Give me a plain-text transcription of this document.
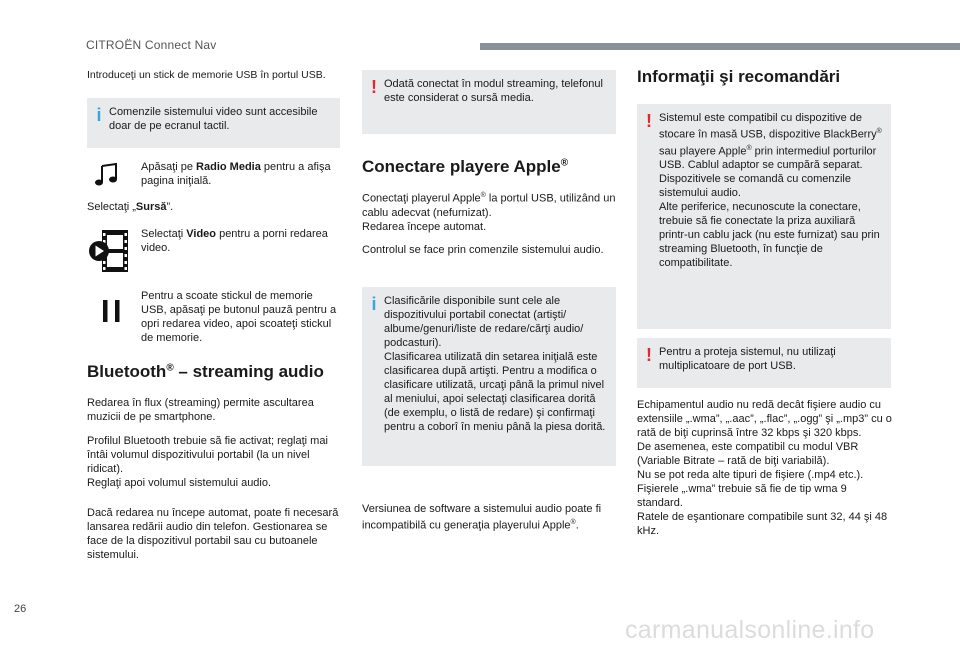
CITROËN Connect Nav
Introduceţi un stick de memorie USB în portul USB.
i Comenzile sistemului video sunt accesibile doar de pe ecranul tactil.
Apăsaţi pe Radio Media pentru a afişa pagina iniţială.
Selectaţi „Sursă”.
Selectaţi Video pentru a porni redarea video.
Pentru a scoate stickul de memorie USB, apăsaţi pe butonul pauză pentru a opri redarea video, apoi scoateţi stickul de memorie.
Bluetooth® – streaming audio
Redarea în flux (streaming) permite ascultarea muzicii de pe smartphone.
Profilul Bluetooth trebuie să fie activat; reglaţi mai întâi volumul dispozitivului portabil (la un nivel ridicat).
Reglaţi apoi volumul sistemului audio.
Dacă redarea nu începe automat, poate fi necesară lansarea redării audio din telefon. Gestionarea se face de la dispozitivul portabil sau cu butoanele sistemului.
! Odată conectat în modul streaming, telefonul este considerat o sursă media.
Conectare playere Apple®
Conectaţi playerul Apple® la portul USB, utilizând un cablu adecvat (nefurnizat).
Redarea începe automat.
Controlul se face prin comenzile sistemului audio.
i Clasificările disponibile sunt cele ale dispozitivului portabil conectat (artişti/ albume/genuri/liste de redare/cărţi audio/ podcasturi).
Clasificarea utilizată din setarea iniţială este clasificarea după artişti. Pentru a modifica o clasificare utilizată, urcaţi până la primul nivel al meniului, apoi selectaţi clasificarea dorită (de exemplu, o listă de redare) şi confirmaţi pentru a coborî în meniu până la piesa dorită.
Versiunea de software a sistemului audio poate fi incompatibilă cu generaţia playerului Apple®.
Informaţii şi recomandări
! Sistemul este compatibil cu dispozitive de stocare în masă USB, dispozitive BlackBerry® sau playere Apple® prin intermediul porturilor USB. Cablul adaptor se cumpără separat.
Dispozitivele se comandă cu comenzile sistemului audio.
Alte periferice, necunoscute la conectare, trebuie să fie conectate la priza auxiliară printr-un cablu jack (nu este furnizat) sau prin streaming Bluetooth, în funcţie de compatibilitate.
! Pentru a proteja sistemul, nu utilizaţi multiplicatoare de port USB.
Echipamentul audio nu redă decât fişiere audio cu extensiile „.wma”, „.aac”, „.flac”, „.ogg” şi „.mp3” cu o rată de biţi cuprinsă între 32 kbps şi 320 kbps.
De asemenea, este compatibil cu modul VBR (Variable Bitrate – rată de biţi variabilă).
Nu se pot reda alte tipuri de fişiere (.mp4 etc.).
Fişierele „.wma” trebuie să fie de tip wma 9 standard.
Ratele de eşantionare compatibile sunt 32, 44 şi 48 kHz.
26
carmanualsonline.info
